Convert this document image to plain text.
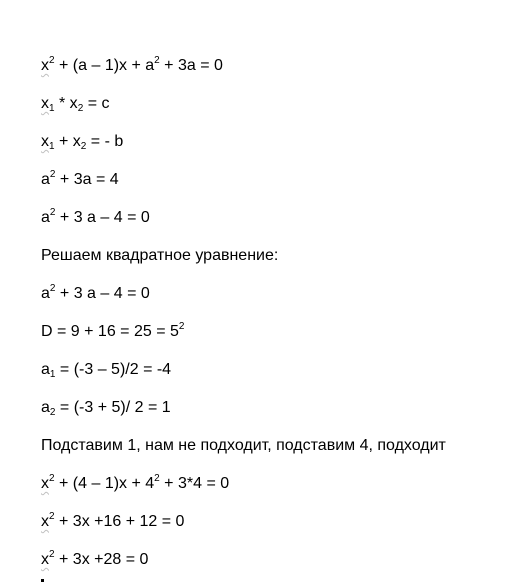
$x^2 + (a - 1)x + a^2 + 3a = 0$
$x_1 * x_2 = c$
$x_1 + x_2$ = - b
$a^2 + 3a = 4$
$a^2 + 3$ a – 4 = 0
Решаем квадратное уравнение:
$a^2 + 3$ a – 4 = 0
$D = 9 + 16 = 25 = 5^2$
$a_1 = (-3 - 5)/2 = -4$
$a_2 = (-3 + 5)/$ 2 = 1
Подставим 1, нам не подходит, подставим 4, подходит
$x^2 + (4 - 1)x + 4^2 + 3*4 = 0$
$x^2 + 3x +16 + 12 = 0$
$x^2 + 3x +28 = 0$
